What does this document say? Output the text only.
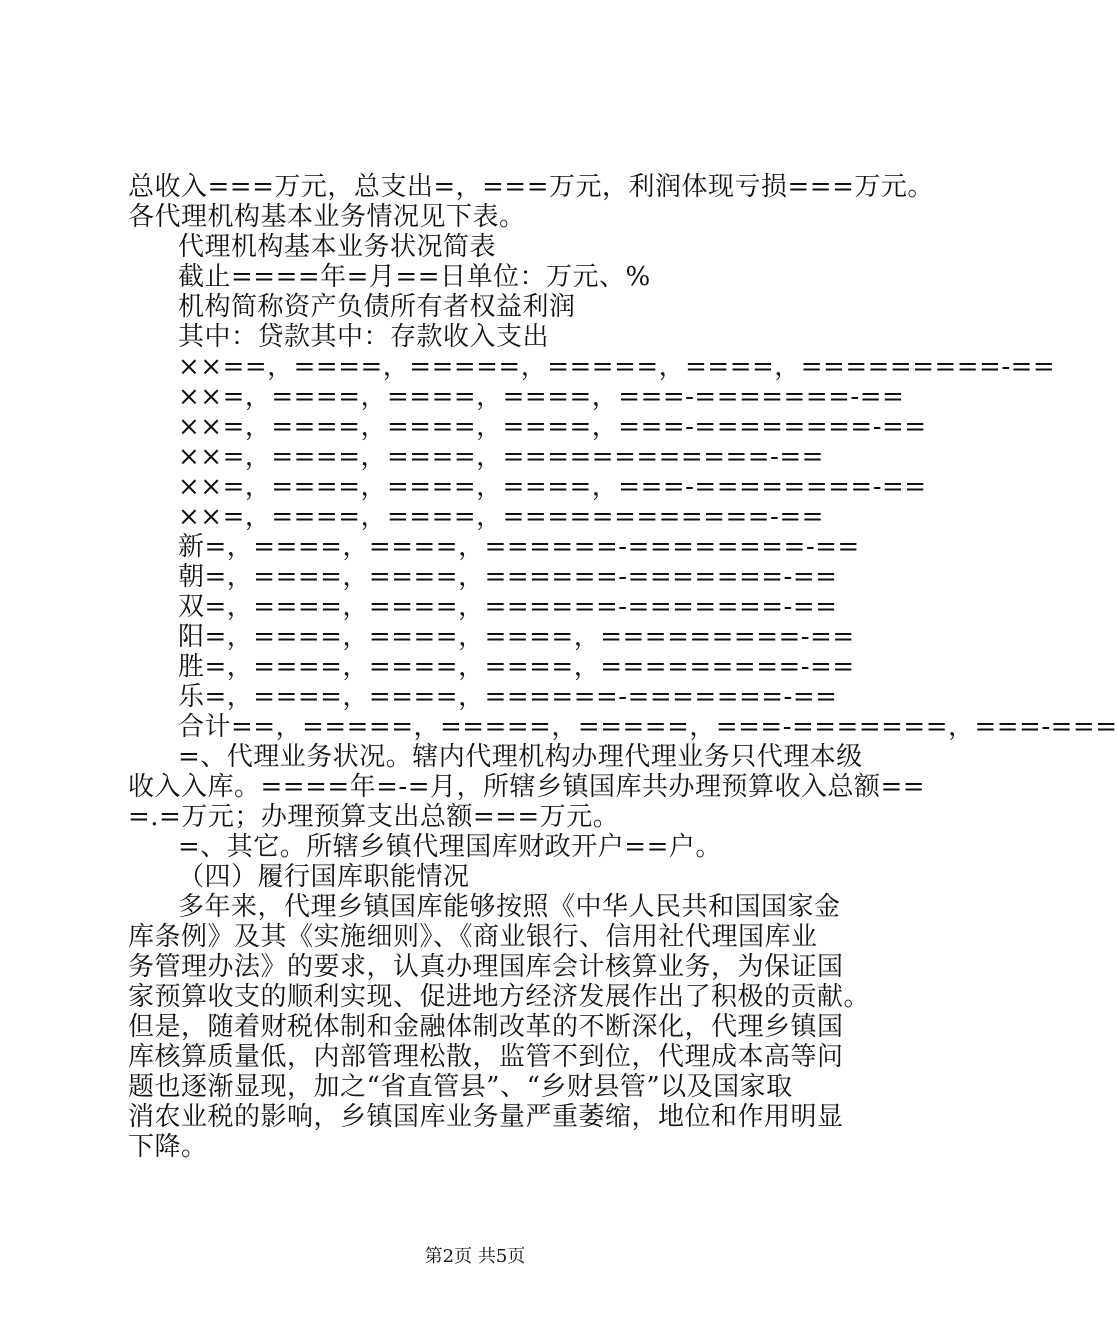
总收入===万元，总支出=，===万元，利润体现亏损===万元。
各代理机构基本业务情况见下表。
代理机构基本业务状况简表
截止====年=月==日单位：万元、%
机构简称资产负债所有者权益利润
其中：贷款其中：存款收入支出
××==，====，=====，=====，====，=========-==
××=，====，====，====，===-=======-==
××=，====，====，====，===-========-==
××=，====，====，============-==
××=，====，====，====，===-========-==
××=，====，====，============-==
新=，====，====，======-========-==
朝=，====，====，======-=======-==
双=，====，====，======-=======-==
阳=，====，====，====，=========-==
胜=，====，====，====，=========-==
乐=，====，====，======-=======-==
合计==，=====，=====，=====，===-=======，===-===
=、代理业务状况。辖内代理机构办理代理业务只代理本级
收入入库。====年=-=月，所辖乡镇国库共办理预算收入总额==
=.=万元；办理预算支出总额===万元。
=、其它。所辖乡镇代理国库财政开户==户。
（四）履行国库职能情况
多年来，代理乡镇国库能够按照《中华人民共和国国家金
库条例》及其《实施细则》、《商业银行、信用社代理国库业
务管理办法》的要求，认真办理国库会计核算业务，为保证国
家预算收支的顺利实现、促进地方经济发展作出了积极的贡献。
但是，随着财税体制和金融体制改革的不断深化，代理乡镇国
库核算质量低，内部管理松散，监管不到位，代理成本高等问
题也逐渐显现，加之“省直管县”、“乡财县管”以及国家取
消农业税的影响，乡镇国库业务量严重萎缩，地位和作用明显
下降。
第2页 共5页
